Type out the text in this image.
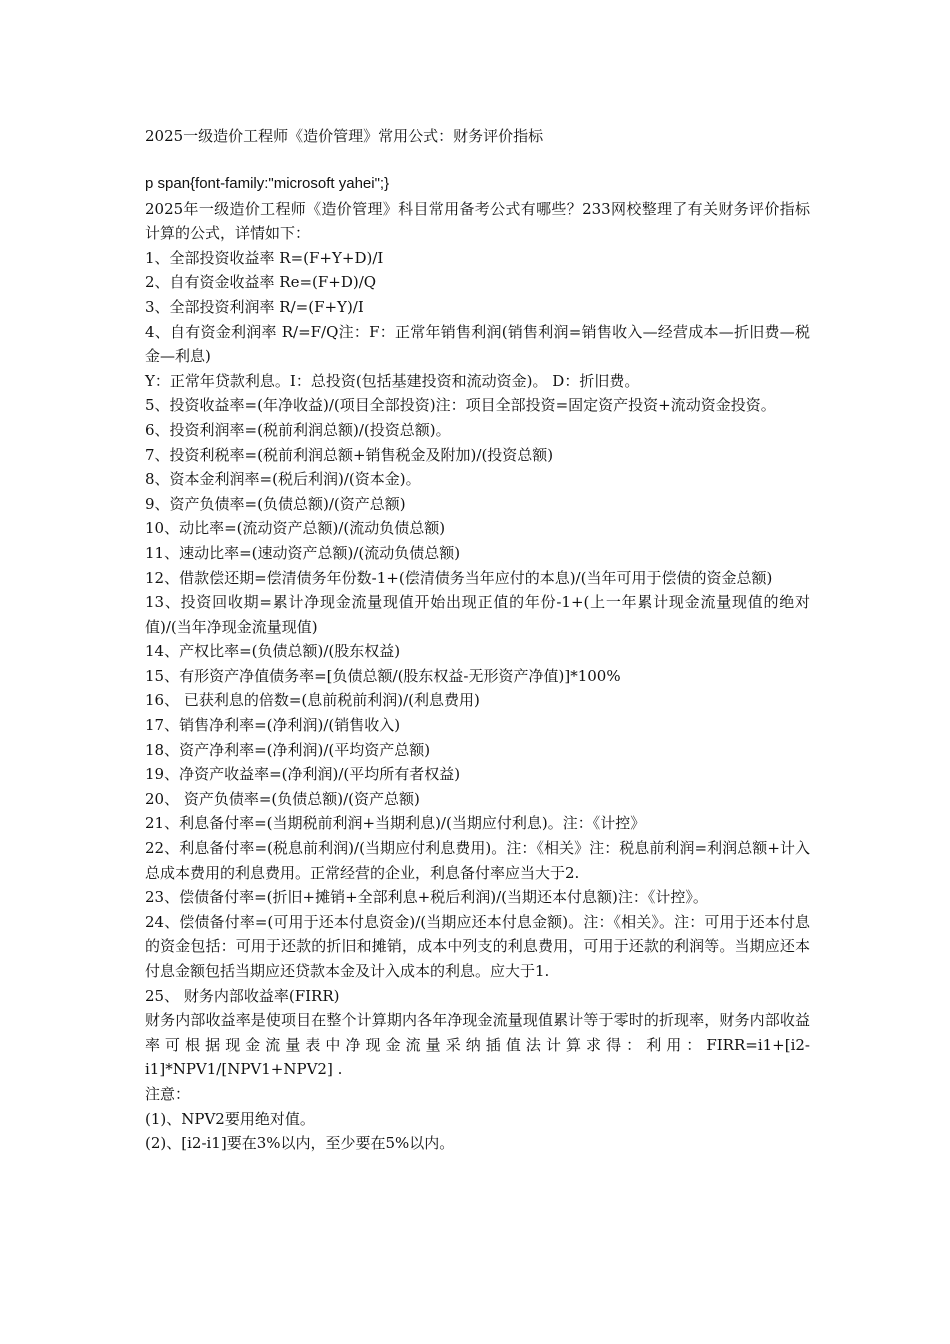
2025一级造价工程师《造价管理》常用公式：财务评价指标

p span{font-family:"microsoft yahei";}

2025年一级造价工程师《造价管理》科目常用备考公式有哪些？233网校整理了有关财务评价指标计算的公式，详情如下：

1、全部投资收益率 R=(F+Y+D)/I

2、自有资金收益率 Re=(F+D)/Q

3、全部投资利润率 R/=(F+Y)/I

4、自有资金利润率 R/=F/Q注：F：正常年销售利润(销售利润=销售收入—经营成本—折旧费—税金—利息)

Y：正常年贷款利息。I：总投资(包括基建投资和流动资金)。 D：折旧费。

5、投资收益率=(年净收益)/(项目全部投资)注：项目全部投资=固定资产投资+流动资金投资。

6、投资利润率=(税前利润总额)/(投资总额)。

7、投资利税率=(税前利润总额+销售税金及附加)/(投资总额)

8、资本金利润率=(税后利润)/(资本金)。

9、资产负债率=(负债总额)/(资产总额)

10、动比率=(流动资产总额)/(流动负债总额)

11、速动比率=(速动资产总额)/(流动负债总额)

12、借款偿还期=偿清债务年份数-1+(偿清债务当年应付的本息)/(当年可用于偿债的资金总额)

13、投资回收期=累计净现金流量现值开始出现正值的年份-1+(上一年累计现金流量现值的绝对值)/(当年净现金流量现值)

14、产权比率=(负债总额)/(股东权益)

15、有形资产净值债务率=[负债总额/(股东权益-无形资产净值)]*100%

16、 已获利息的倍数=(息前税前利润)/(利息费用)

17、销售净利率=(净利润)/(销售收入)

18、资产净利率=(净利润)/(平均资产总额)

19、净资产收益率=(净利润)/(平均所有者权益)

20、 资产负债率=(负债总额)/(资产总额)

21、利息备付率=(当期税前利润+当期利息)/(当期应付利息)。注：《计控》

22、利息备付率=(税息前利润)/(当期应付利息费用)。注：《相关》注：税息前利润=利润总额+计入总成本费用的利息费用。正常经营的企业，利息备付率应当大于2.

23、偿债备付率=(折旧+摊销+全部利息+税后利润)/(当期还本付息额)注：《计控》。

24、偿债备付率=(可用于还本付息资金)/(当期应还本付息金额)。注：《相关》。注：可用于还本付息的资金包括：可用于还款的折旧和摊销，成本中列支的利息费用，可用于还款的利润等。当期应还本付息金额包括当期应还贷款本金及计入成本的利息。应大于1.

25、 财务内部收益率(FIRR)

财务内部收益率是使项目在整个计算期内各年净现金流量现值累计等于零时的折现率，财务内部收益率可根据现金流量表中净现金流量采纳插值法计算求得：利用：FIRR=i1+[i2-i1]*NPV1/[NPV1+NPV2] .

注意：

(1)、NPV2要用绝对值。

(2)、[i2-i1]要在3%以内，至少要在5%以内。
